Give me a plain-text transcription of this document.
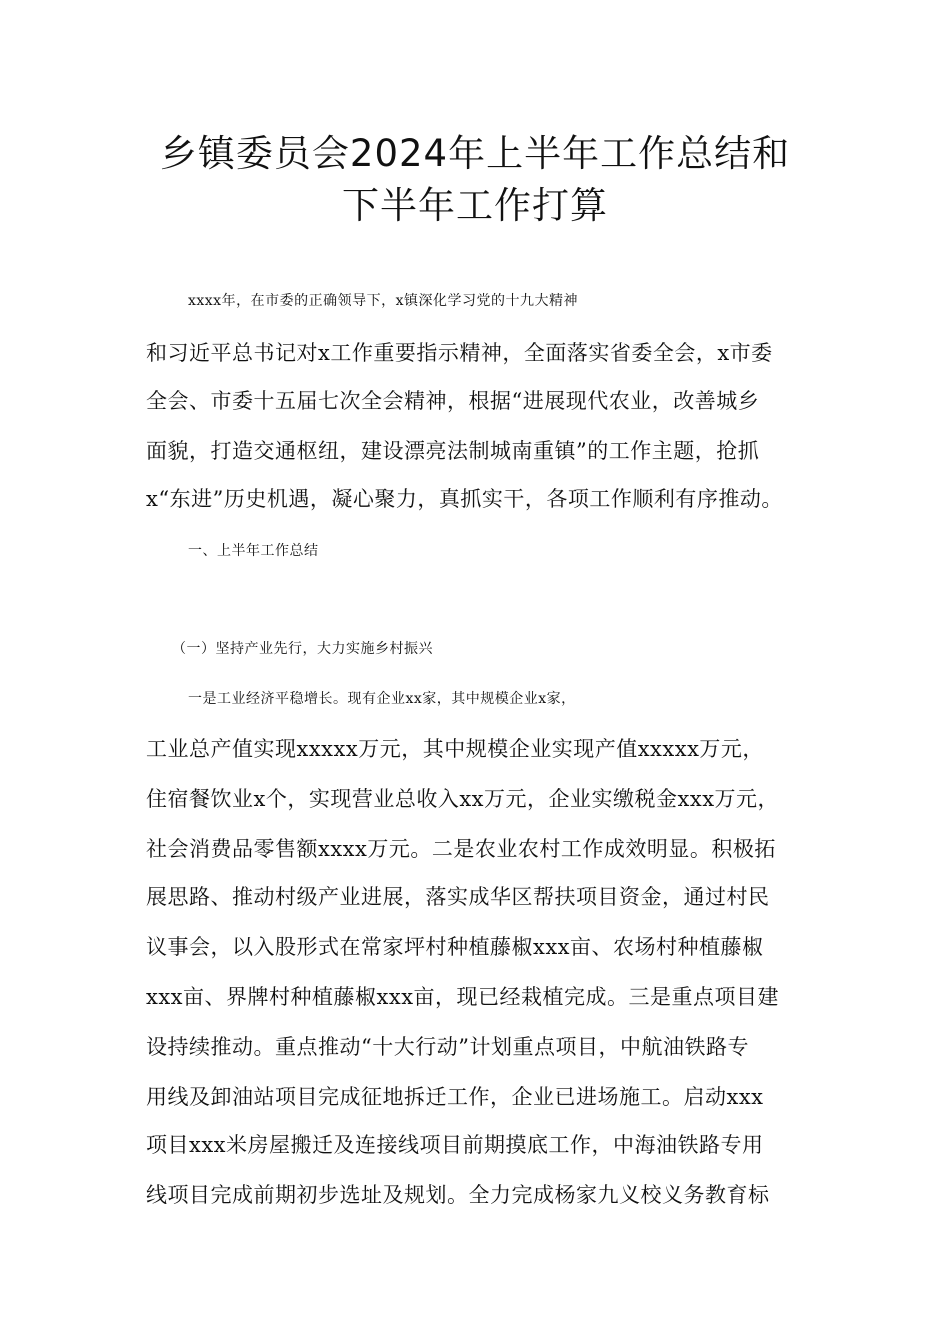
乡镇委员会2024年上半年工作总结和
下半年工作打算
xxxx年，在市委的正确领导下，x镇深化学习党的十九大精神
和习近平总书记对x工作重要指示精神，全面落实省委全会，x市委
全会、市委十五届七次全会精神，根据“进展现代农业，改善城乡
面貌，打造交通枢纽，建设漂亮法制城南重镇”的工作主题，抢抓
x“东进”历史机遇，凝心聚力，真抓实干，各项工作顺利有序推动。
一、上半年工作总结
（一）坚持产业先行，大力实施乡村振兴
一是工业经济平稳增长。现有企业xx家，其中规模企业x家，
工业总产值实现xxxxx万元，其中规模企业实现产值xxxxx万元，
住宿餐饮业x个，实现营业总收入xx万元，企业实缴税金xxx万元，
社会消费品零售额xxxx万元。二是农业农村工作成效明显。积极拓
展思路、推动村级产业进展，落实成华区帮扶项目资金，通过村民
议事会，以入股形式在常家坪村种植藤椒xxx亩、农场村种植藤椒
xxx亩、界牌村种植藤椒xxx亩，现已经栽植完成。三是重点项目建
设持续推动。重点推动“十大行动”计划重点项目，中航油铁路专
用线及卸油站项目完成征地拆迁工作，企业已进场施工。启动xxx
项目xxx米房屋搬迁及连接线项目前期摸底工作，中海油铁路专用
线项目完成前期初步选址及规划。全力完成杨家九义校义务教育标
